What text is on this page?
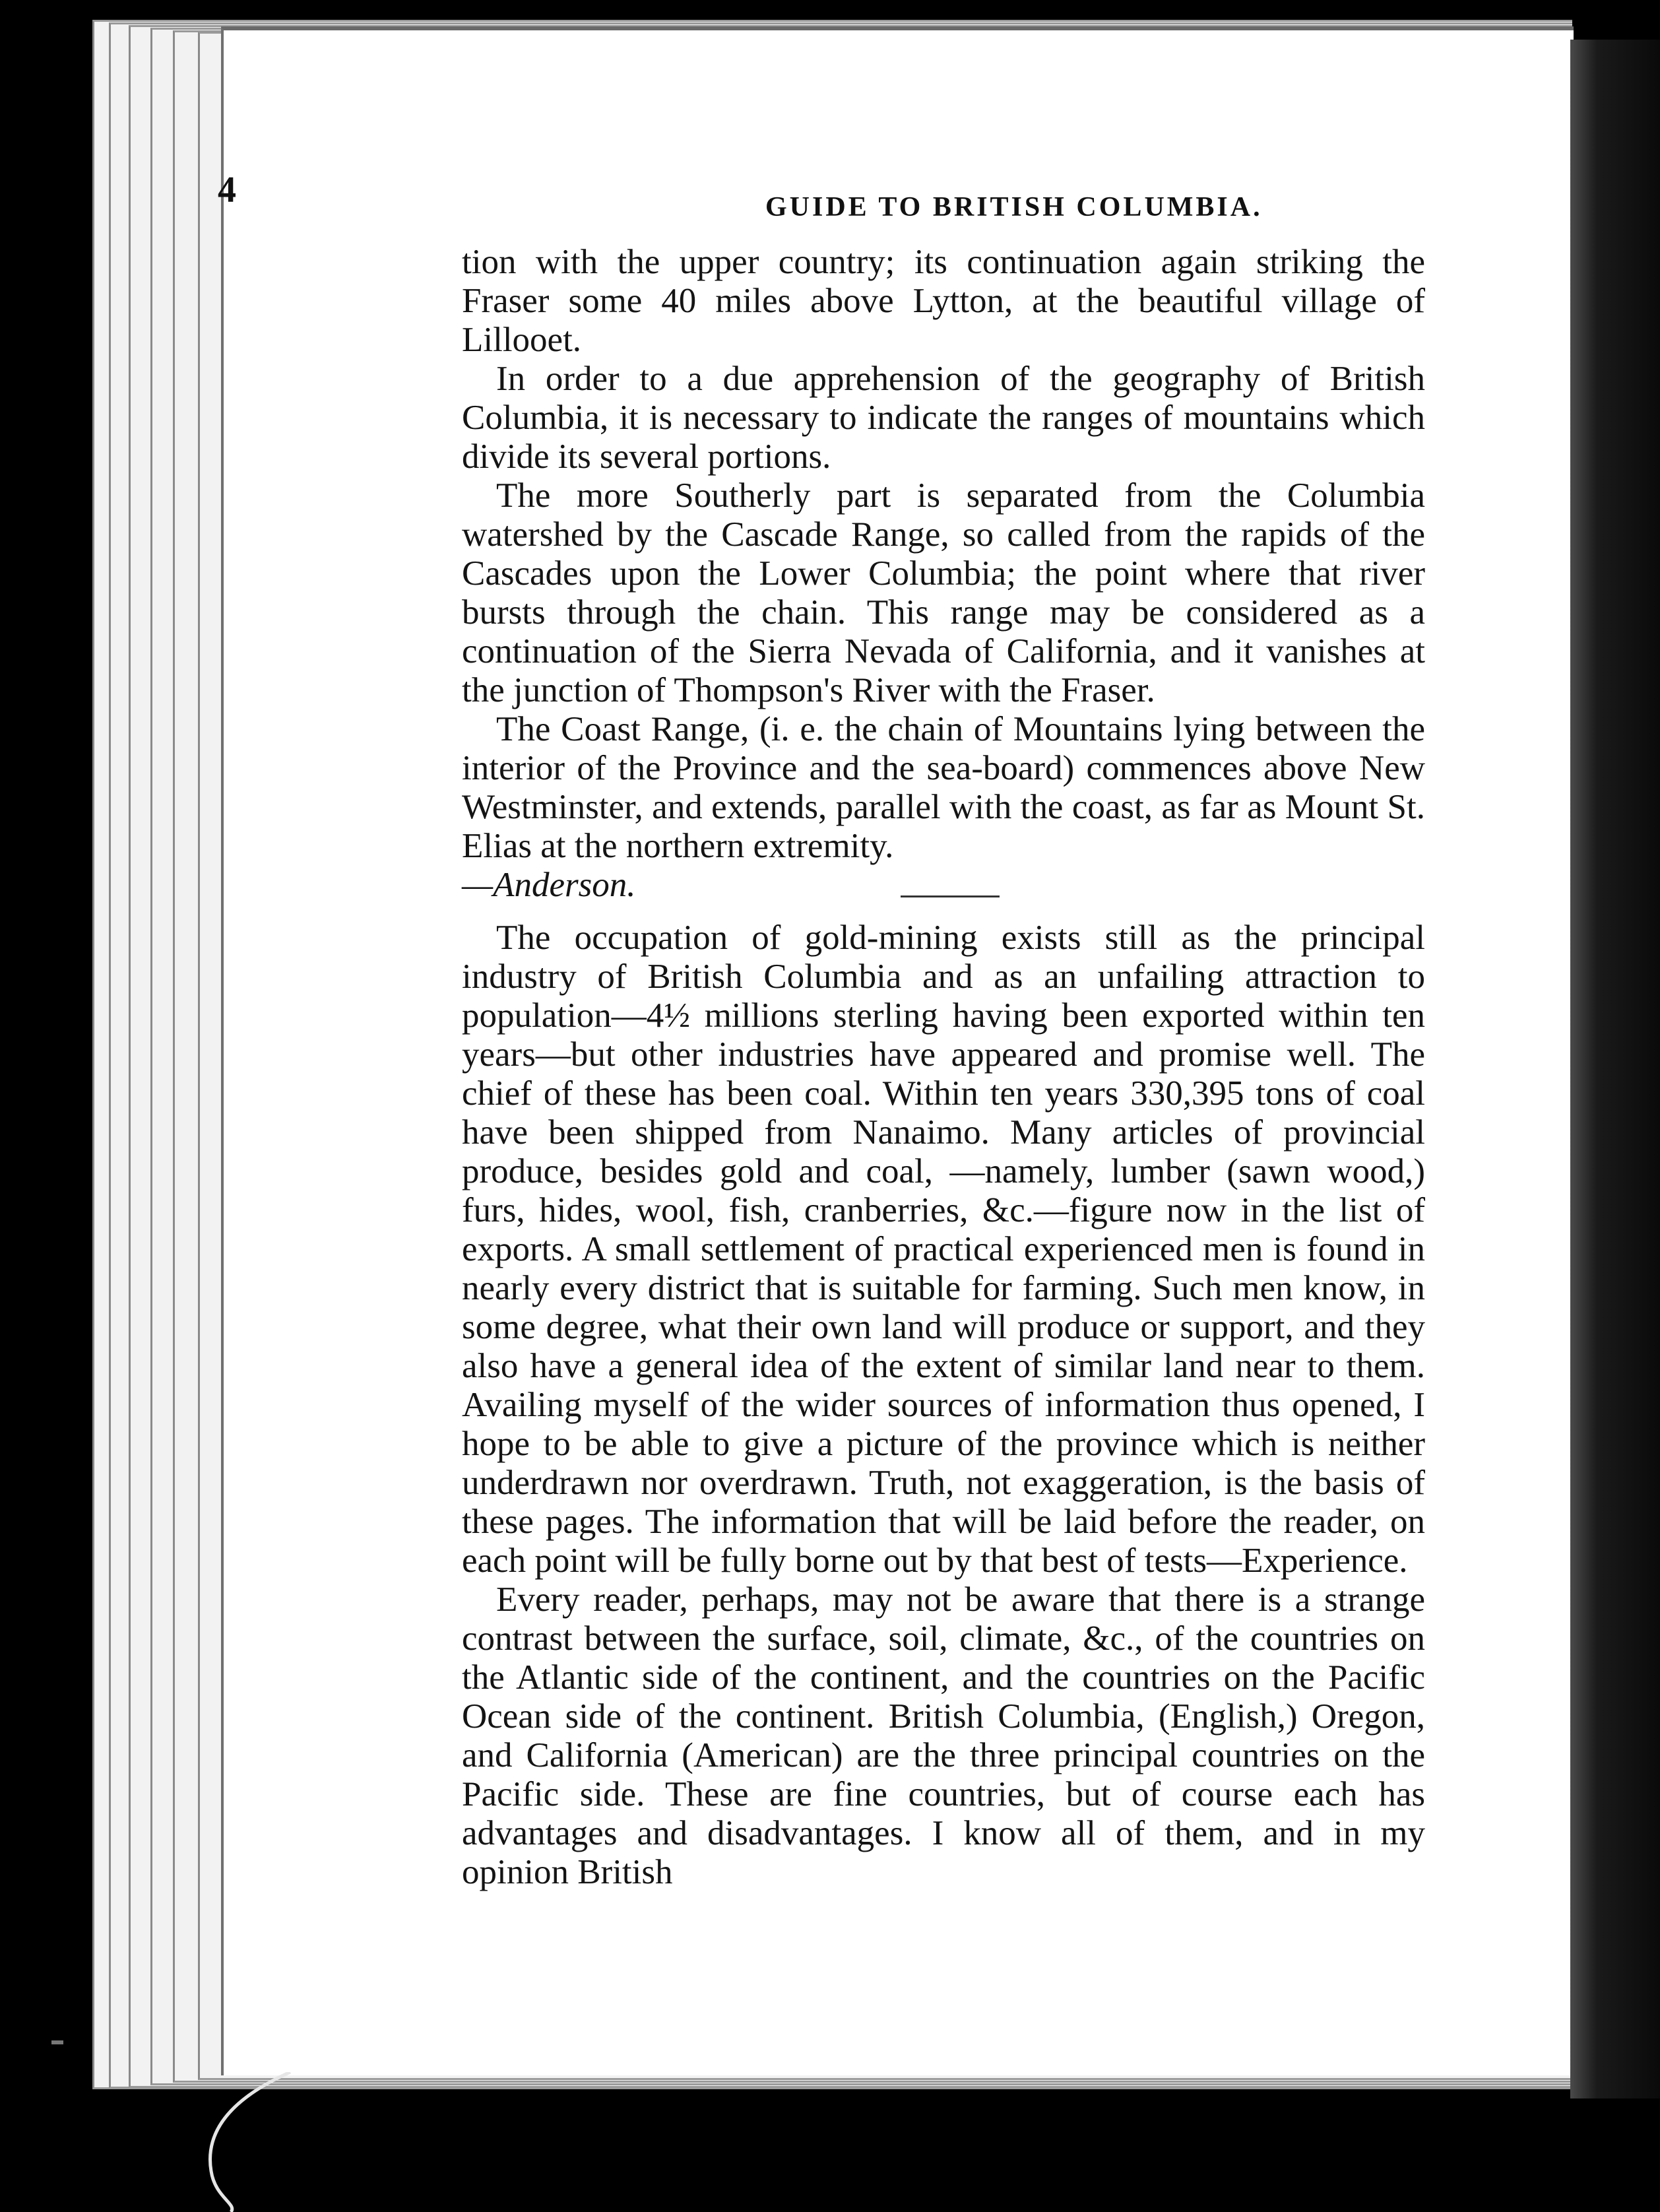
4	GUIDE TO BRITISH COLUMBIA.

tion with the upper country; its continuation again striking the Fraser some 40 miles above Lytton, at the beautiful village of Lillooet.

In order to a due apprehension of the geography of British Columbia, it is necessary to indicate the ranges of mountains which divide its several portions.

The more Southerly part is separated from the Columbia watershed by the Cascade Range, so called from the rapids of the Cascades upon the Lower Columbia; the point where that river bursts through the chain. This range may be considered as a continuation of the Sierra Nevada of California, and it vanishes at the junction of Thompson's River with the Fraser.

The Coast Range, (i. e. the chain of Mountains lying between the interior of the Province and the sea-board) commences above New Westminster, and extends, parallel with the coast, as far as Mount St. Elias at the northern extremity.

—Anderson.

The occupation of gold-mining exists still as the principal industry of British Columbia and as an unfailing attraction to population—4½ millions sterling having been exported within ten years—but other industries have appeared and promise well. The chief of these has been coal. Within ten years 330,395 tons of coal have been shipped from Nanaimo. Many articles of provincial produce, besides gold and coal, —namely, lumber (sawn wood,) furs, hides, wool, fish, cranberries, &c.—figure now in the list of exports. A small settlement of practical experienced men is found in nearly every district that is suitable for farming. Such men know, in some degree, what their own land will produce or support, and they also have a general idea of the extent of similar land near to them. Availing myself of the wider sources of information thus opened, I hope to be able to give a picture of the province which is neither underdrawn nor overdrawn. Truth, not exaggeration, is the basis of these pages. The information that will be laid before the reader, on each point will be fully borne out by that best of tests—Experience.

Every reader, perhaps, may not be aware that there is a strange contrast between the surface, soil, climate, &c., of the countries on the Atlantic side of the continent, and the countries on the Pacific Ocean side of the continent. British Columbia, (English,) Oregon, and California (American) are the three principal countries on the Pacific side. These are fine countries, but of course each has advantages and disadvantages. I know all of them, and in my opinion British
